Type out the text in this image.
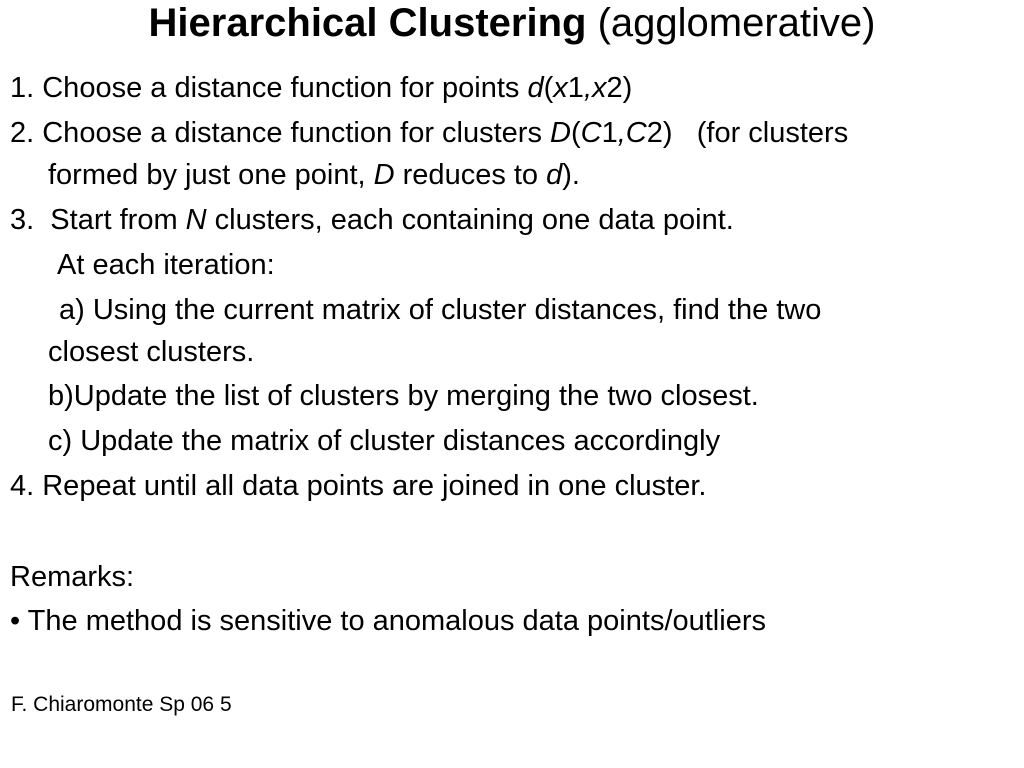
Hierarchical Clustering (agglomerative)
1. Choose a distance function for points d(x1,x2)
2. Choose a distance function for clusters D(C1,C2)   (for clusters
formed by just one point, D reduces to d).
3.  Start from N clusters, each containing one data point.
At each iteration:
a) Using the current matrix of cluster distances, find the two
closest clusters.
b)Update the list of clusters by merging the two closest.
c) Update the matrix of cluster distances accordingly
4. Repeat until all data points are joined in one cluster.
Remarks:
• The method is sensitive to anomalous data points/outliers
F. Chiaromonte Sp 06 5
